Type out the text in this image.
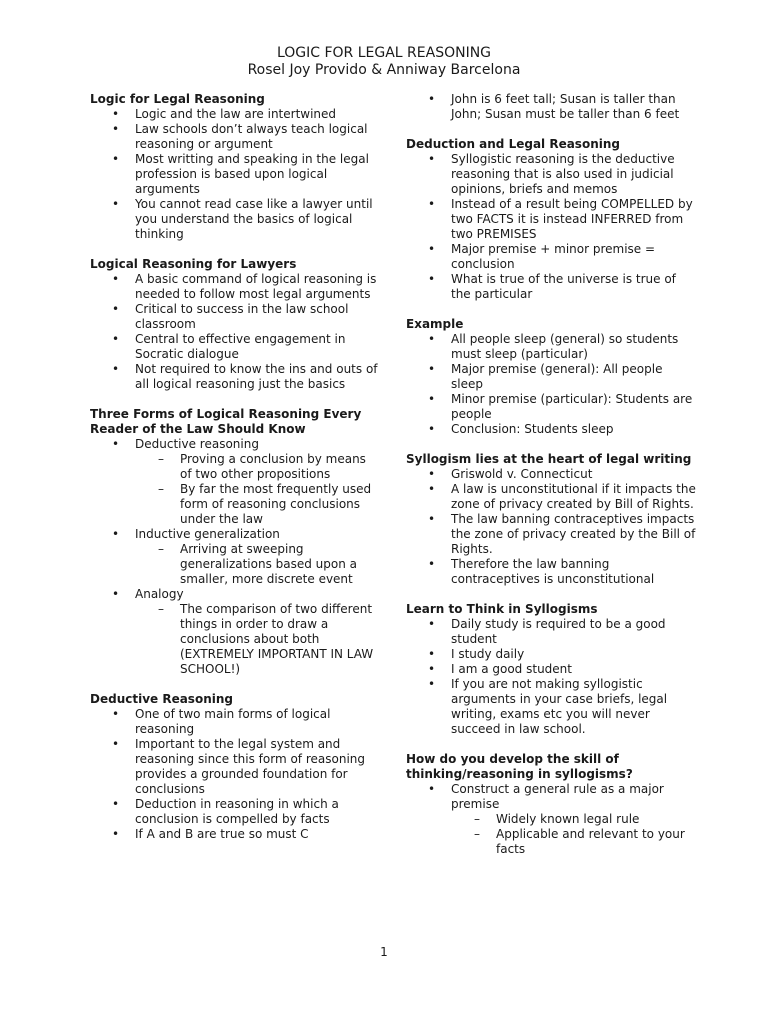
LOGIC FOR LEGAL REASONING
Rosel Joy Provido & Anniway Barcelona
Logic for Legal Reasoning
• Logic and the law are intertwined
• Law schools don’t always teach logical reasoning or argument
• Most writting and speaking in the legal profession is based upon logical arguments
• You cannot read case like a lawyer until you understand the basics of logical thinking
Logical Reasoning for Lawyers
• A basic command of logical reasoning is needed to follow most legal arguments
• Critical to success in the law school classroom
• Central to effective engagement in Socratic dialogue
• Not required to know the ins and outs of all logical reasoning just the basics
Three Forms of Logical Reasoning Every Reader of the Law Should Know
• Deductive reasoning
– Proving a conclusion by means of two other propositions
– By far the most frequently used form of reasoning conclusions under the law
• Inductive generalization
– Arriving at sweeping generalizations based upon a smaller, more discrete event
• Analogy
– The comparison of two different things in order to draw a conclusions about both (EXTREMELY IMPORTANT IN LAW SCHOOL!)
Deductive Reasoning
• One of two main forms of logical reasoning
• Important to the legal system and reasoning since this form of reasoning provides a grounded foundation for conclusions
• Deduction in reasoning in which a conclusion is compelled by facts
• If A and B are true so must C
• John is 6 feet tall; Susan is taller than John; Susan must be taller than 6 feet
Deduction and Legal Reasoning
• Syllogistic reasoning is the deductive reasoning that is also used in judicial opinions, briefs and memos
• Instead of a result being COMPELLED by two FACTS it is instead INFERRED from two PREMISES
• Major premise + minor premise = conclusion
• What is true of the universe is true of the particular
Example
• All people sleep (general) so students must sleep (particular)
• Major premise (general): All people sleep
• Minor premise (particular): Students are people
• Conclusion: Students sleep
Syllogism lies at the heart of legal writing
• Griswold v. Connecticut
• A law is unconstitutional if it impacts the zone of privacy created by Bill of Rights.
• The law banning contraceptives impacts the zone of privacy created by the Bill of Rights.
• Therefore the law banning contraceptives is unconstitutional
Learn to Think in Syllogisms
• Daily study is required to be a good student
• I study daily
• I am a good student
• If you are not making syllogistic arguments in your case briefs, legal writing, exams etc you will never succeed in law school.
How do you develop the skill of thinking/reasoning in syllogisms?
• Construct a general rule as a major premise
– Widely known legal rule
– Applicable and relevant to your facts
1
